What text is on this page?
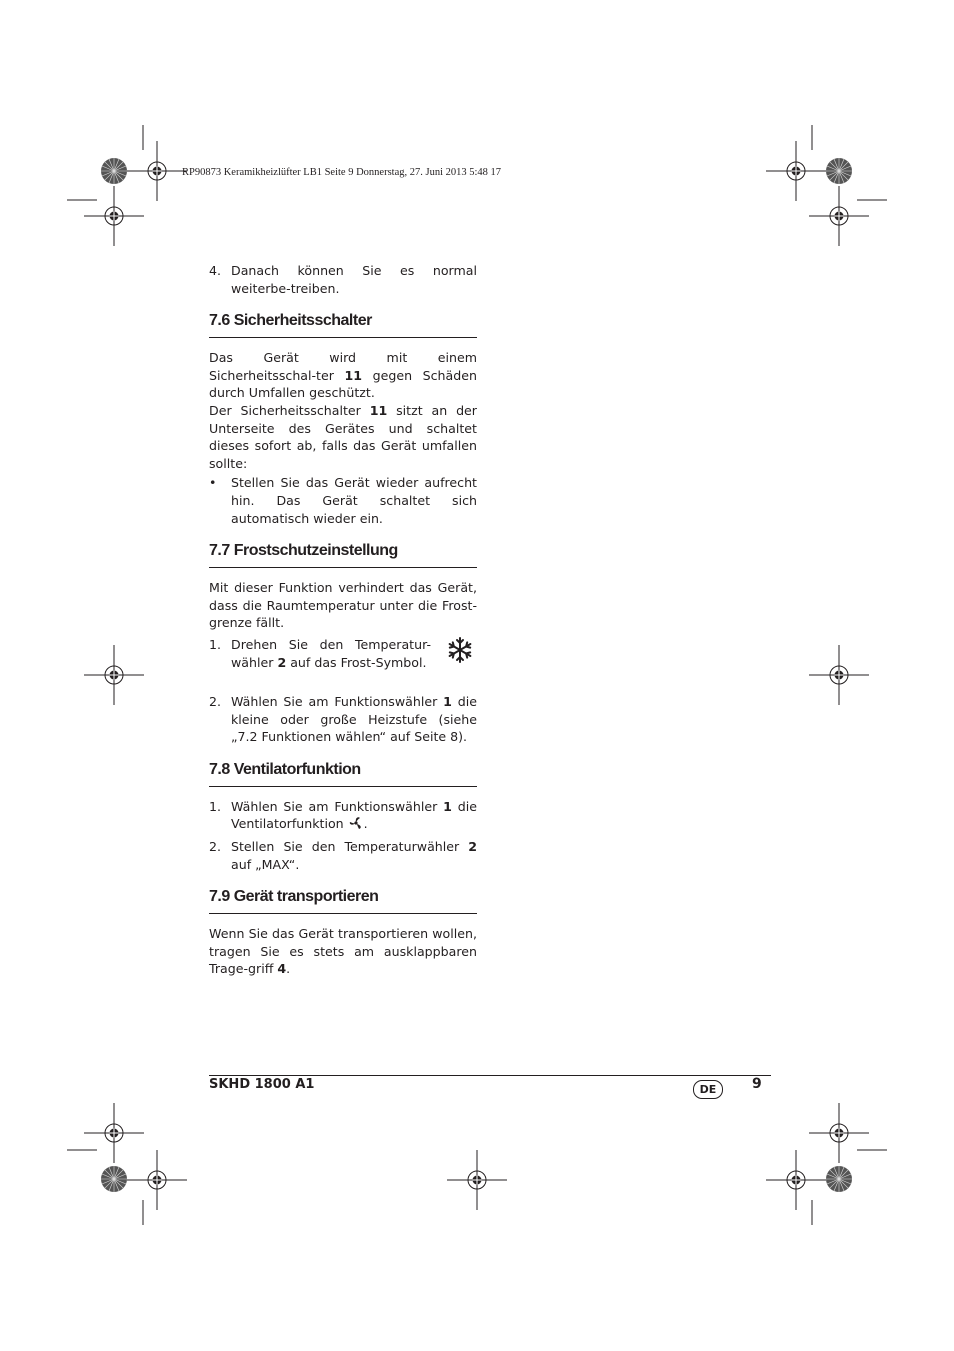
RP90873 Keramikheizlüfter LB1 Seite 9 Donnerstag, 27. Juni 2013 5:48 17
4. Danach können Sie es normal weiterbe-treiben.
7.6 Sicherheitsschalter

Das Gerät wird mit einem Sicherheitsschal-ter 11 gegen Schäden durch Umfallen geschützt.

Der Sicherheitsschalter 11 sitzt an der Unterseite des Gerätes und schaltet dieses sofort ab, falls das Gerät umfallen sollte:

• Stellen Sie das Gerät wieder aufrecht hin. Das Gerät schaltet sich automatisch wieder ein.
7.7 Frostschutzeinstellung

Mit dieser Funktion verhindert das Gerät, dass die Raumtemperatur unter die Frost-grenze fällt.

1. Drehen Sie den Temperatur-wähler 2 auf das Frost-Symbol.
2. Wählen Sie am Funktionswähler 1 die kleine oder große Heizstufe (siehe „7.2 Funktionen wählen“ auf Seite 8).
7.8 Ventilatorfunktion
1. Wählen Sie am Funktionswähler 1 die Ventilatorfunktion .
2. Stellen Sie den Temperaturwähler 2 auf „MAX“.
7.9 Gerät transportieren

Wenn Sie das Gerät transportieren wollen, tragen Sie es stets am ausklappbaren Trage-griff 4.

SKHD 1800 A1	DE	9
